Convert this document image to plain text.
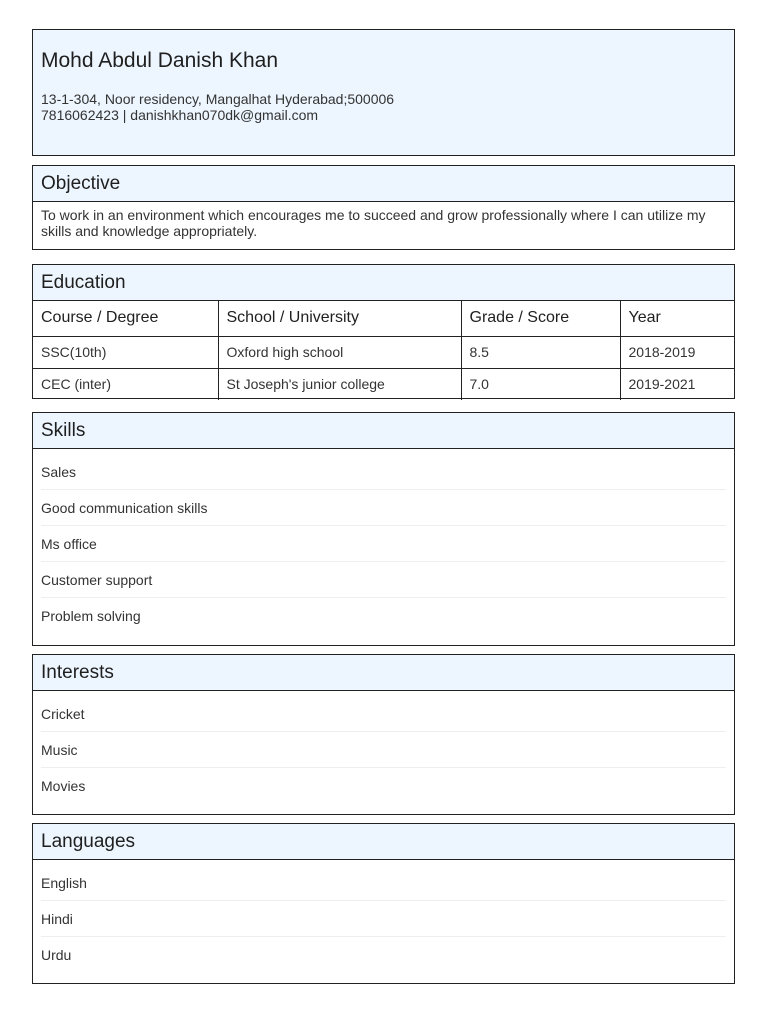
Mohd Abdul Danish Khan
13-1-304, Noor residency, Mangalhat Hyderabad;500006
7816062423 | danishkhan070dk@gmail.com
Objective
To work in an environment which encourages me to succeed and grow professionally where I can utilize my skills and knowledge appropriately.
Education
Course / Degree	School / University	Grade / Score	Year
SSC(10th)	Oxford high school	8.5	2018-2019
CEC (inter)	St Joseph's junior college	7.0	2019-2021
Skills
Sales
Good communication skills
Ms office
Customer support
Problem solving
Interests
Cricket
Music
Movies
Languages
English
Hindi
Urdu
